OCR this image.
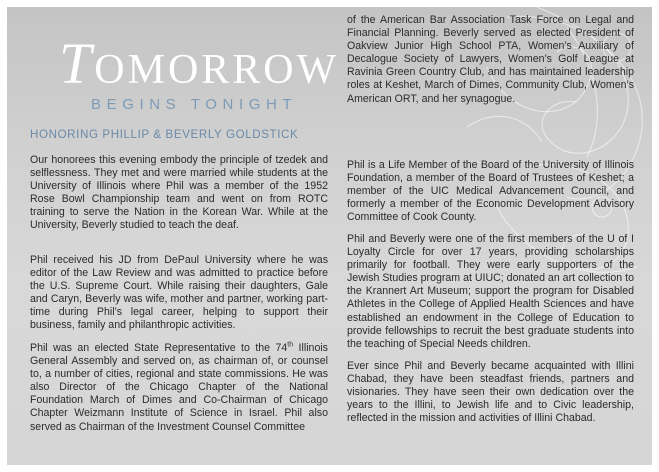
TOMORROW
BEGINS TONIGHT
HONORING PHILLIP & BEVERLY GOLDSTICK

Our honorees this evening embody the principle of tzedek and selflessness. They met and were married while students at the University of Illinois where Phil was a member of the 1952 Rose Bowl Championship team and went on from ROTC training to serve the Nation in the Korean War. While at the University, Beverly studied to teach the deaf.

Phil received his JD from DePaul University where he was editor of the Law Review and was admitted to practice before the U.S. Supreme Court. While raising their daughters, Gale and Caryn, Beverly was wife, mother and partner, working part-time during Phil’s legal career, helping to support their business, family and philanthropic activities.

Phil was an elected State Representative to the 74th Illinois General Assembly and served on, as chairman of, or counsel to, a number of cities, regional and state commissions. He was also Director of the Chicago Chapter of the National Foundation March of Dimes and Co-Chairman of Chicago Chapter Weizmann Institute of Science in Israel. Phil also served as Chairman of the Investment Counsel Committee

of the American Bar Association Task Force on Legal and Financial Planning. Beverly served as elected President of Oakview Junior High School PTA, Women’s Auxiliary of Decalogue Society of Lawyers, Women’s Golf League at Ravinia Green Country Club, and has maintained leadership roles at Keshet, March of Dimes, Community Club, Women’s American ORT, and her synagogue.

Phil is a Life Member of the Board of the University of Illinois Foundation, a member of the Board of Trustees of Keshet; a member of the UIC Medical Advancement Council, and formerly a member of the Economic Development Advisory Committee of Cook County.

Phil and Beverly were one of the first members of the U of I Loyalty Circle for over 17 years, providing scholarships primarily for football. They were early supporters of the Jewish Studies program at UIUC; donated an art collection to the Krannert Art Museum; support the program for Disabled Athletes in the College of Applied Health Sciences and have established an endowment in the College of Education to provide fellowships to recruit the best graduate students into the teaching of Special Needs children.

Ever since Phil and Beverly became acquainted with Illini Chabad, they have been steadfast friends, partners and visionaries. They have seen their own dedication over the years to the Illini, to Jewish life and to Civic leadership, reflected in the mission and activities of Illini Chabad.
